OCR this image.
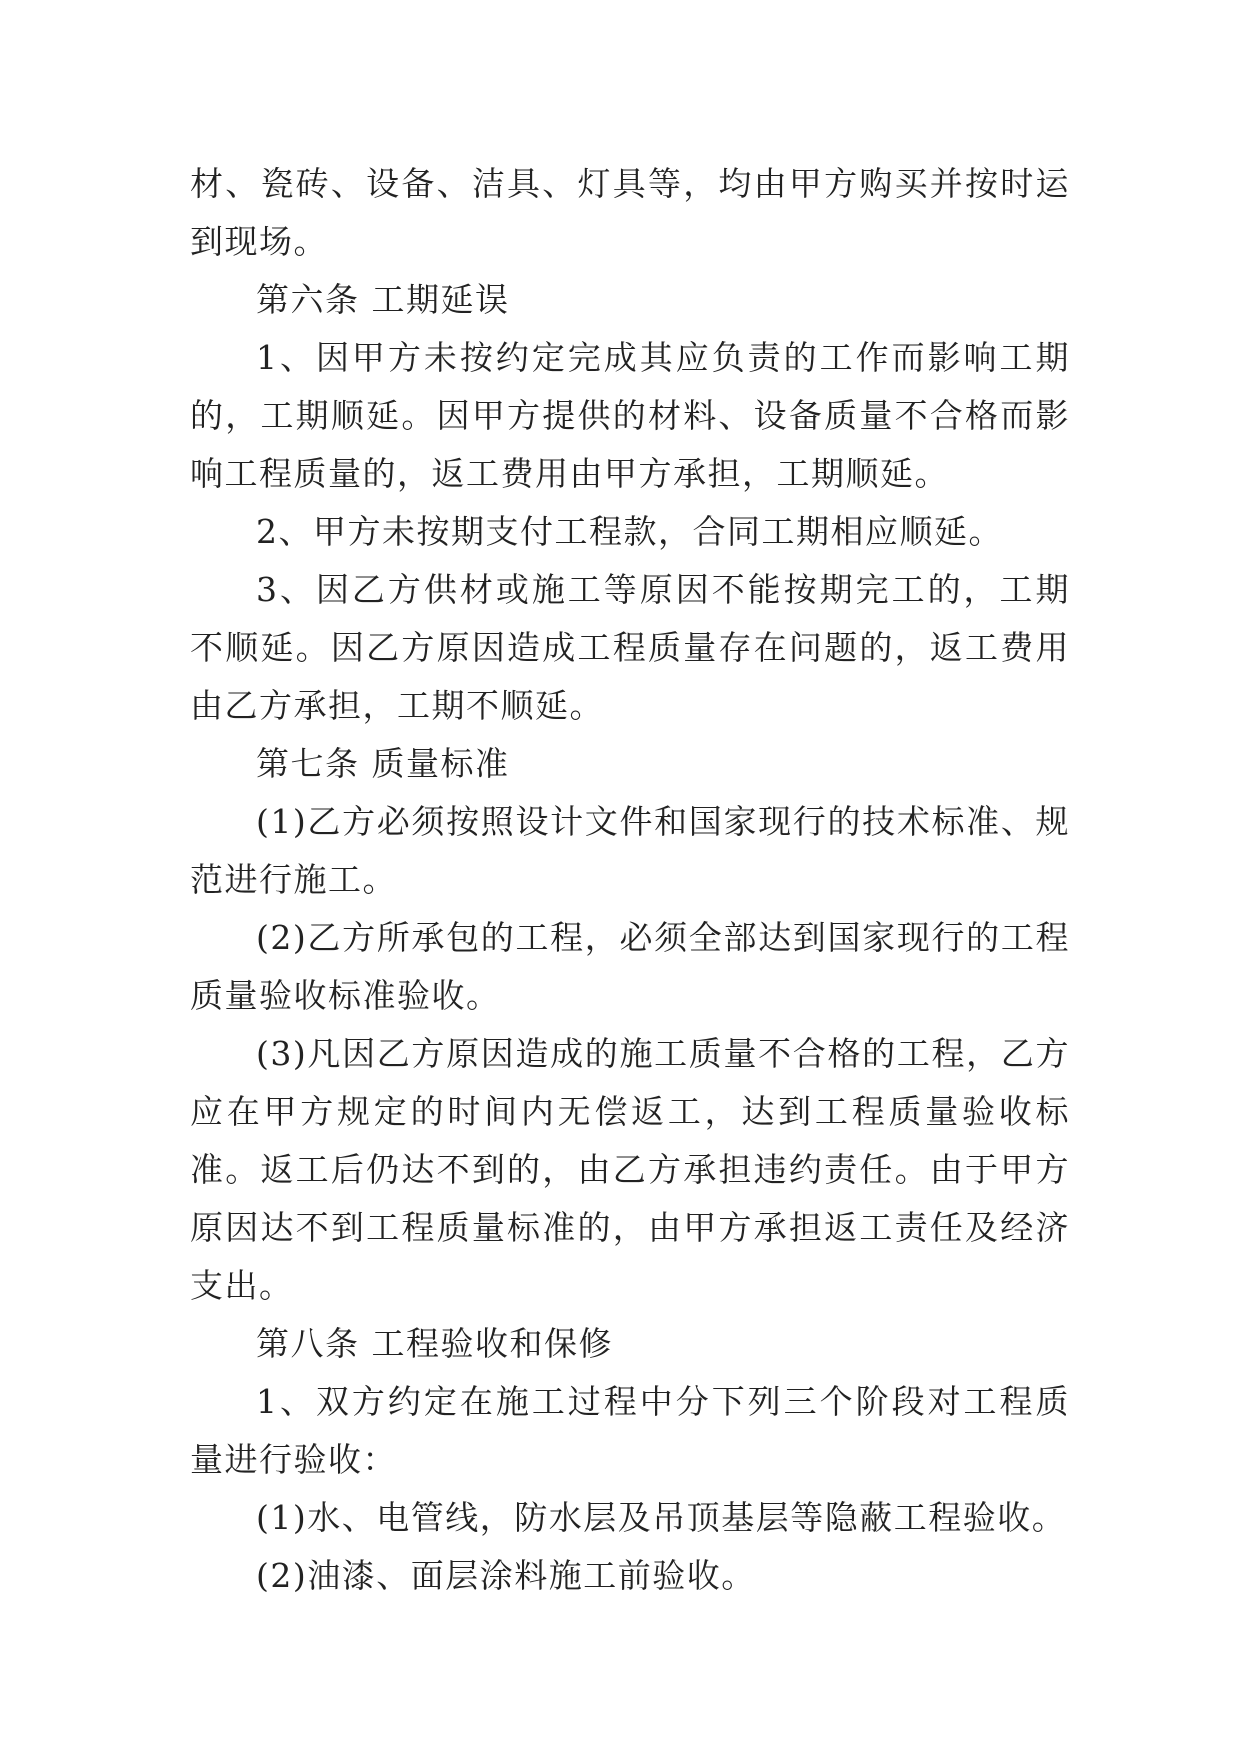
材、瓷砖、设备、洁具、灯具等，均由甲方购买并按时运到现场。

第六条 工期延误

1、因甲方未按约定完成其应负责的工作而影响工期的，工期顺延。因甲方提供的材料、设备质量不合格而影响工程质量的，返工费用由甲方承担，工期顺延。

2、甲方未按期支付工程款，合同工期相应顺延。

3、因乙方供材或施工等原因不能按期完工的，工期不顺延。因乙方原因造成工程质量存在问题的，返工费用由乙方承担，工期不顺延。

第七条 质量标准

(1)乙方必须按照设计文件和国家现行的技术标准、规范进行施工。

(2)乙方所承包的工程，必须全部达到国家现行的工程质量验收标准验收。

(3)凡因乙方原因造成的施工质量不合格的工程，乙方应在甲方规定的时间内无偿返工，达到工程质量验收标准。返工后仍达不到的，由乙方承担违约责任。由于甲方原因达不到工程质量标准的，由甲方承担返工责任及经济支出。

第八条 工程验收和保修

1、双方约定在施工过程中分下列三个阶段对工程质量进行验收：

(1)水、电管线，防水层及吊顶基层等隐蔽工程验收。

(2)油漆、面层涂料施工前验收。
